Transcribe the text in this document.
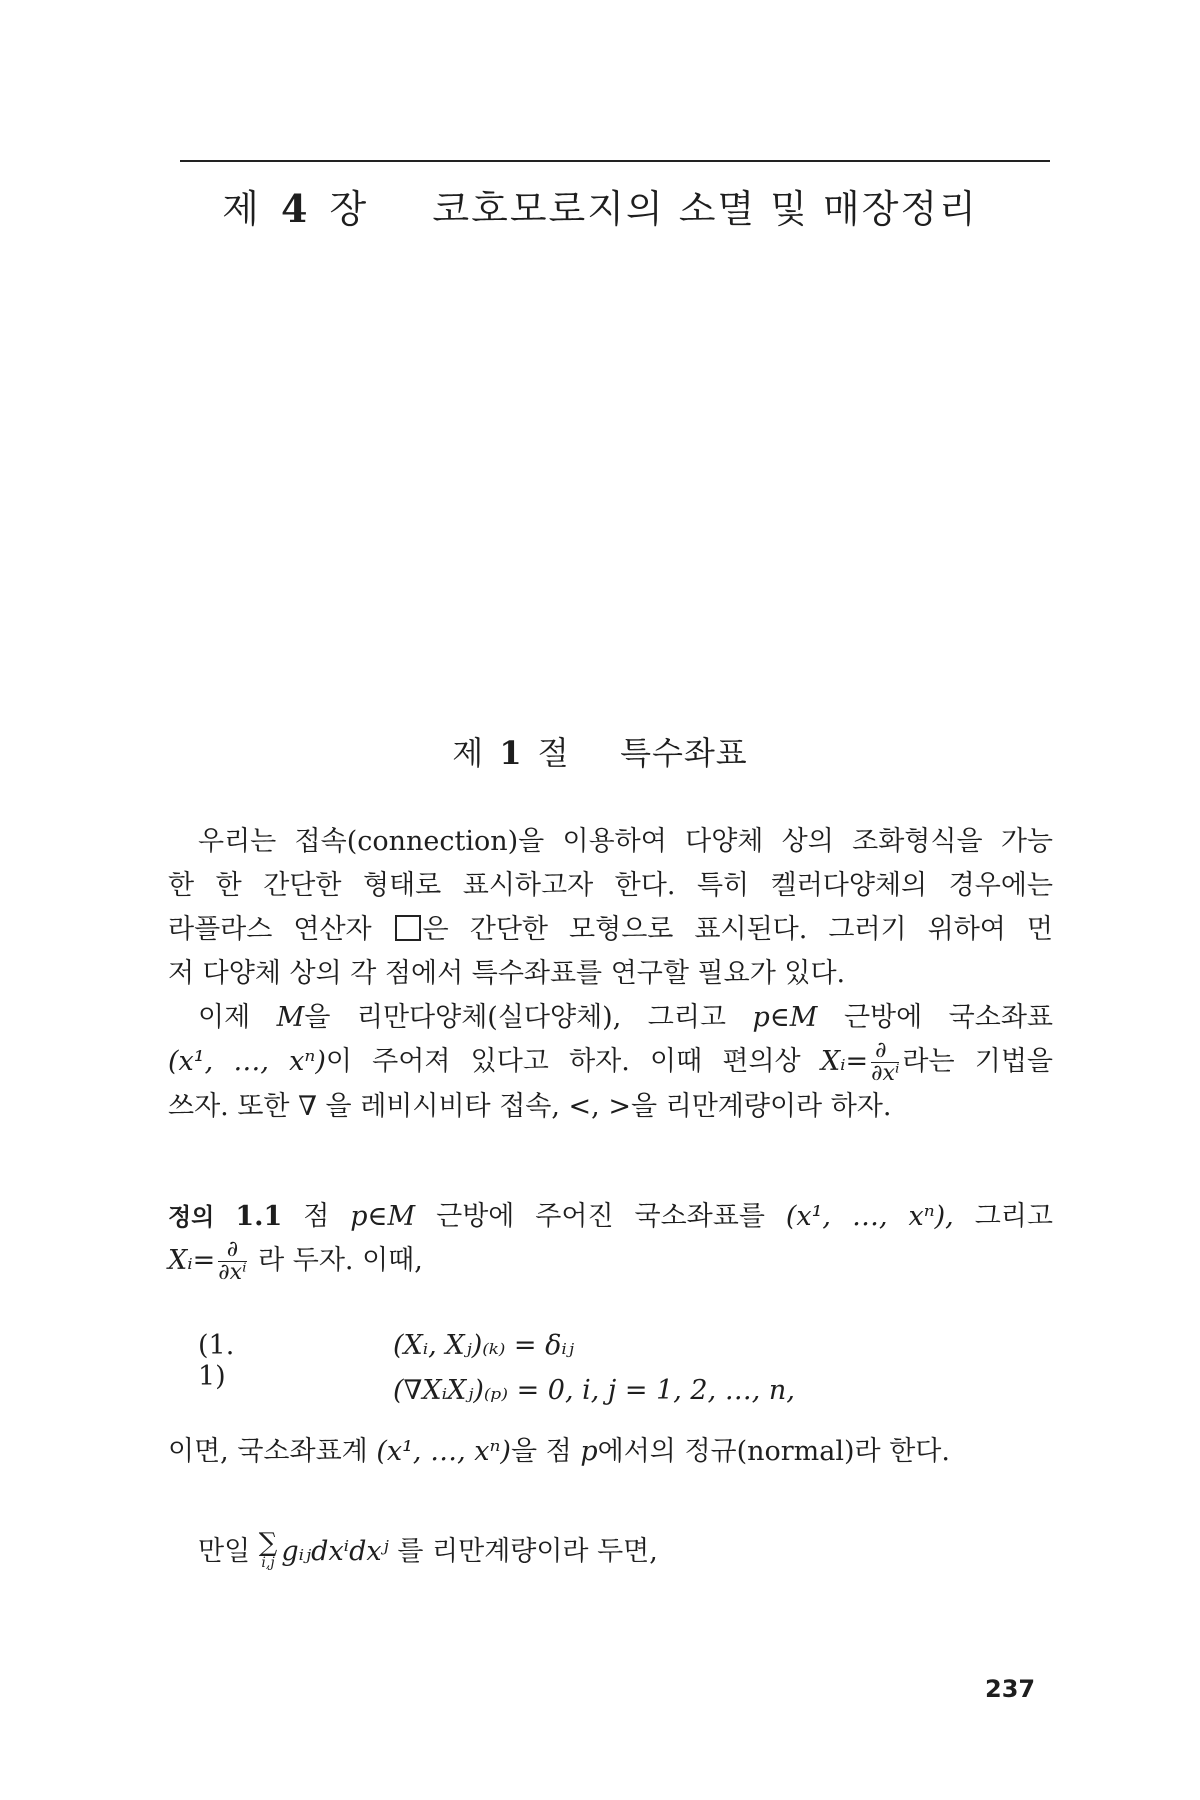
제 4 장 코호모로지의 소멸 및 매장정리
제 1 절 특수좌표
우리는 접속(connection)을 이용하여 다양체 상의 조화형식을 가능
한 한 간단한 형태로 표시하고자 한다. 특히 켈러다양체의 경우에는
라플라스 연산자 은 간단한 모형으로 표시된다. 그러기 위하여 먼
저 다양체 상의 각 점에서 특수좌표를 연구할 필요가 있다.
이제 M을 리만다양체(실다양체), 그리고 p∈M 근방에 국소좌표
(x¹, …, xⁿ)이 주어져 있다고 하자. 이때 편의상 Xᵢ= $\frac{\partial}{\text{∂xⁱ}}$ 라는 기법을
쓰자. 또한 ∇ 을 레비시비타 접속, <, >을 리만계량이라 하자.
정의 1.1 점 p∈M 근방에 주어진 국소좌표를 (x¹, …, xⁿ), 그리고
Xᵢ= $\frac{\partial}{\text{∂xⁱ}}$ 라 두자. 이때,
(1. 1)
(Xᵢ, Xⱼ)₍ₖ₎ = δᵢⱼ
(∇XᵢXⱼ)₍ₚ₎ = 0, i, j = 1, 2, …, n,
이면, 국소좌표계 (x¹, …, xⁿ)을 점 p에서의 정규(normal)라 한다.
만일 ∑
i,j gᵢⱼdxⁱdxʲ 를 리만계량이라 두면,
237
